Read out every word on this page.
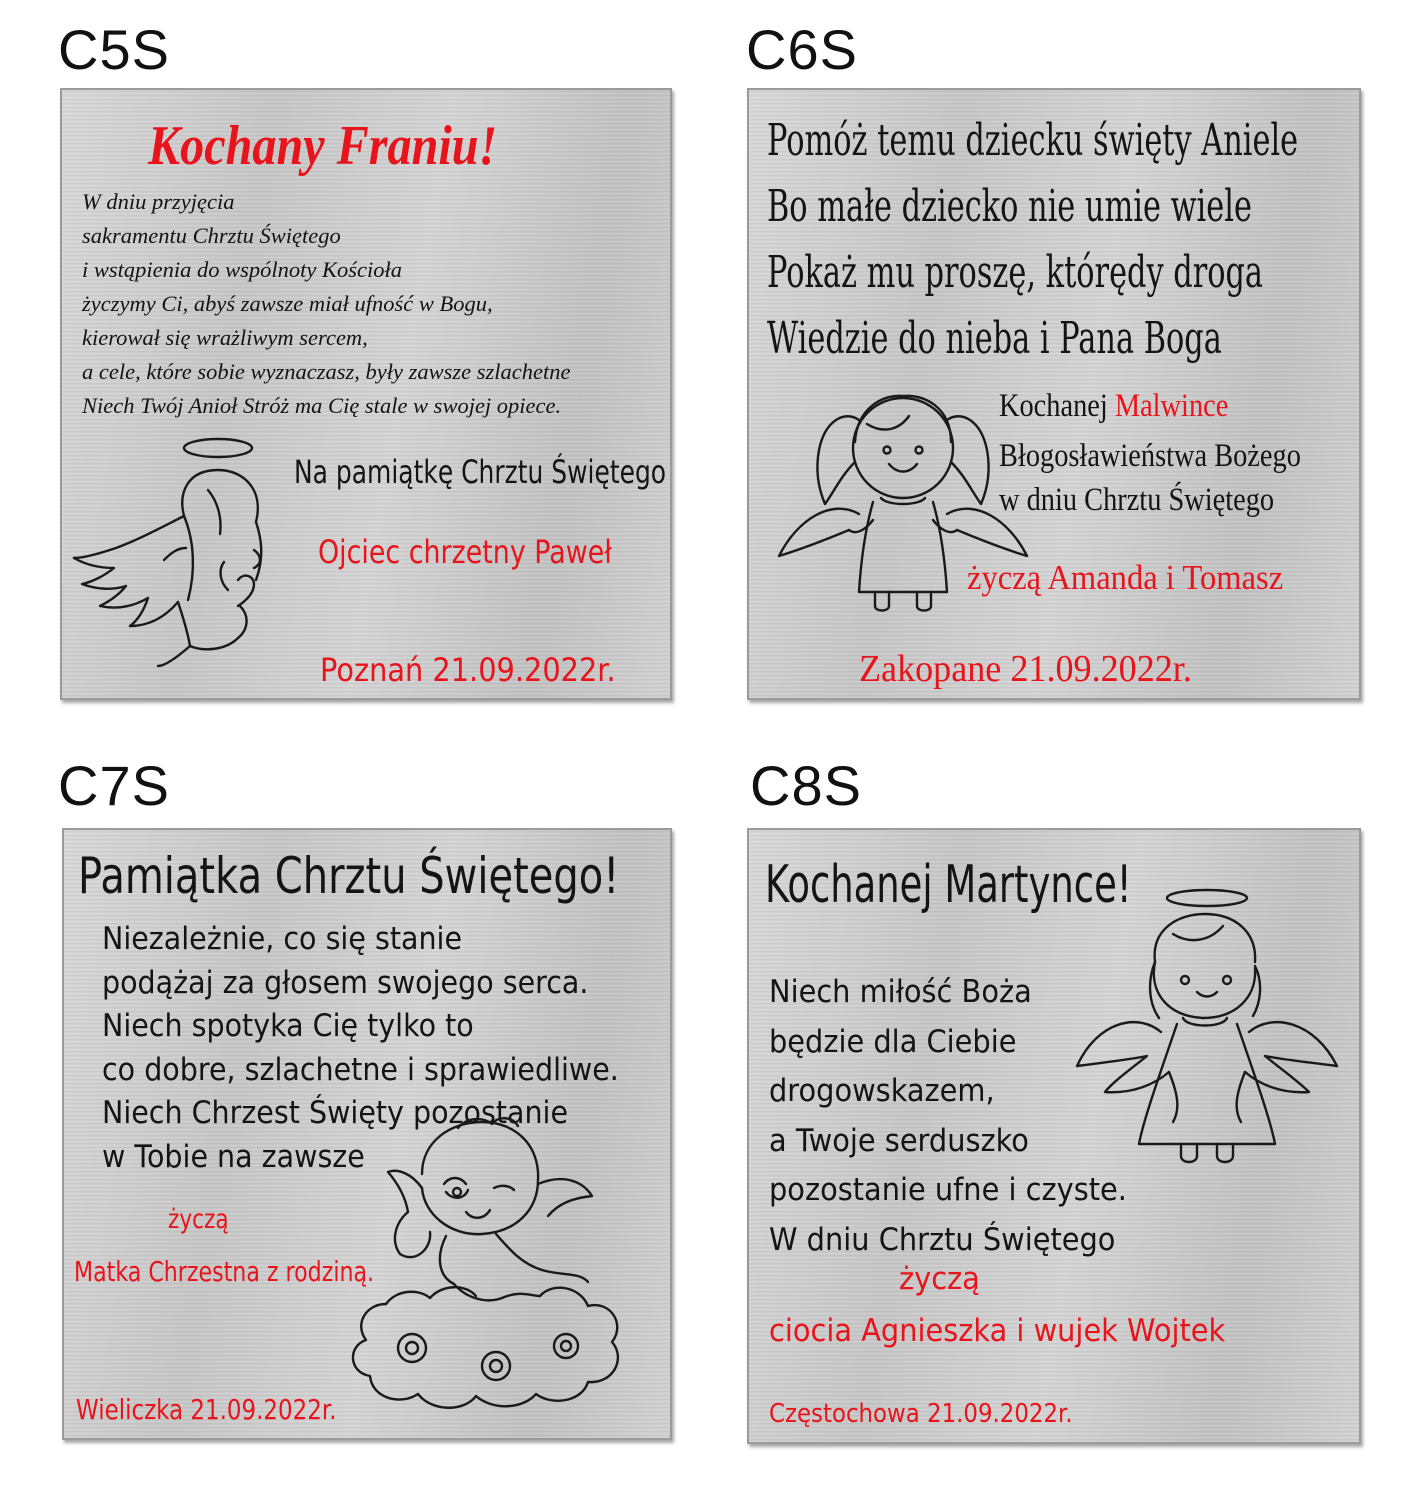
C5S
Kochany Franiu!
W dniu przyjęcia
sakramentu Chrztu Świętego
i wstąpienia do wspólnoty Kościoła
życzymy Ci, abyś zawsze miał ufność w Bogu,
kierował się wrażliwym sercem,
a cele, które sobie wyznaczasz, były zawsze szlachetne
Niech Twój Anioł Stróż ma Cię stale w swojej opiece.
Na pamiątkę Chrztu Świętego
Ojciec chrzetny Paweł
Poznań 21.09.2022r.
C6S
Pomóż temu dziecku święty Aniele
Bo małe dziecko nie umie wiele
Pokaż mu proszę, którędy droga
Wiedzie do nieba i Pana Boga
Kochanej Malwince
Błogosławieństwa Bożego
w dniu Chrztu Świętego
życzą Amanda i Tomasz
Zakopane 21.09.2022r.
C7S
Pamiątka Chrztu Świętego!
Niezależnie, co się stanie
podążaj za głosem swojego serca.
Niech spotyka Cię tylko to
co dobre, szlachetne i sprawiedliwe.
Niech Chrzest Święty pozostanie
w Tobie na zawsze
życzą
Matka Chrzestna z rodziną.
Wieliczka 21.09.2022r.
C8S
Kochanej Martynce!
Niech miłość Boża
będzie dla Ciebie
drogowskazem,
a Twoje serduszko
pozostanie ufne i czyste.
W dniu Chrztu Świętego
życzą
ciocia Agnieszka i wujek Wojtek
Częstochowa 21.09.2022r.
